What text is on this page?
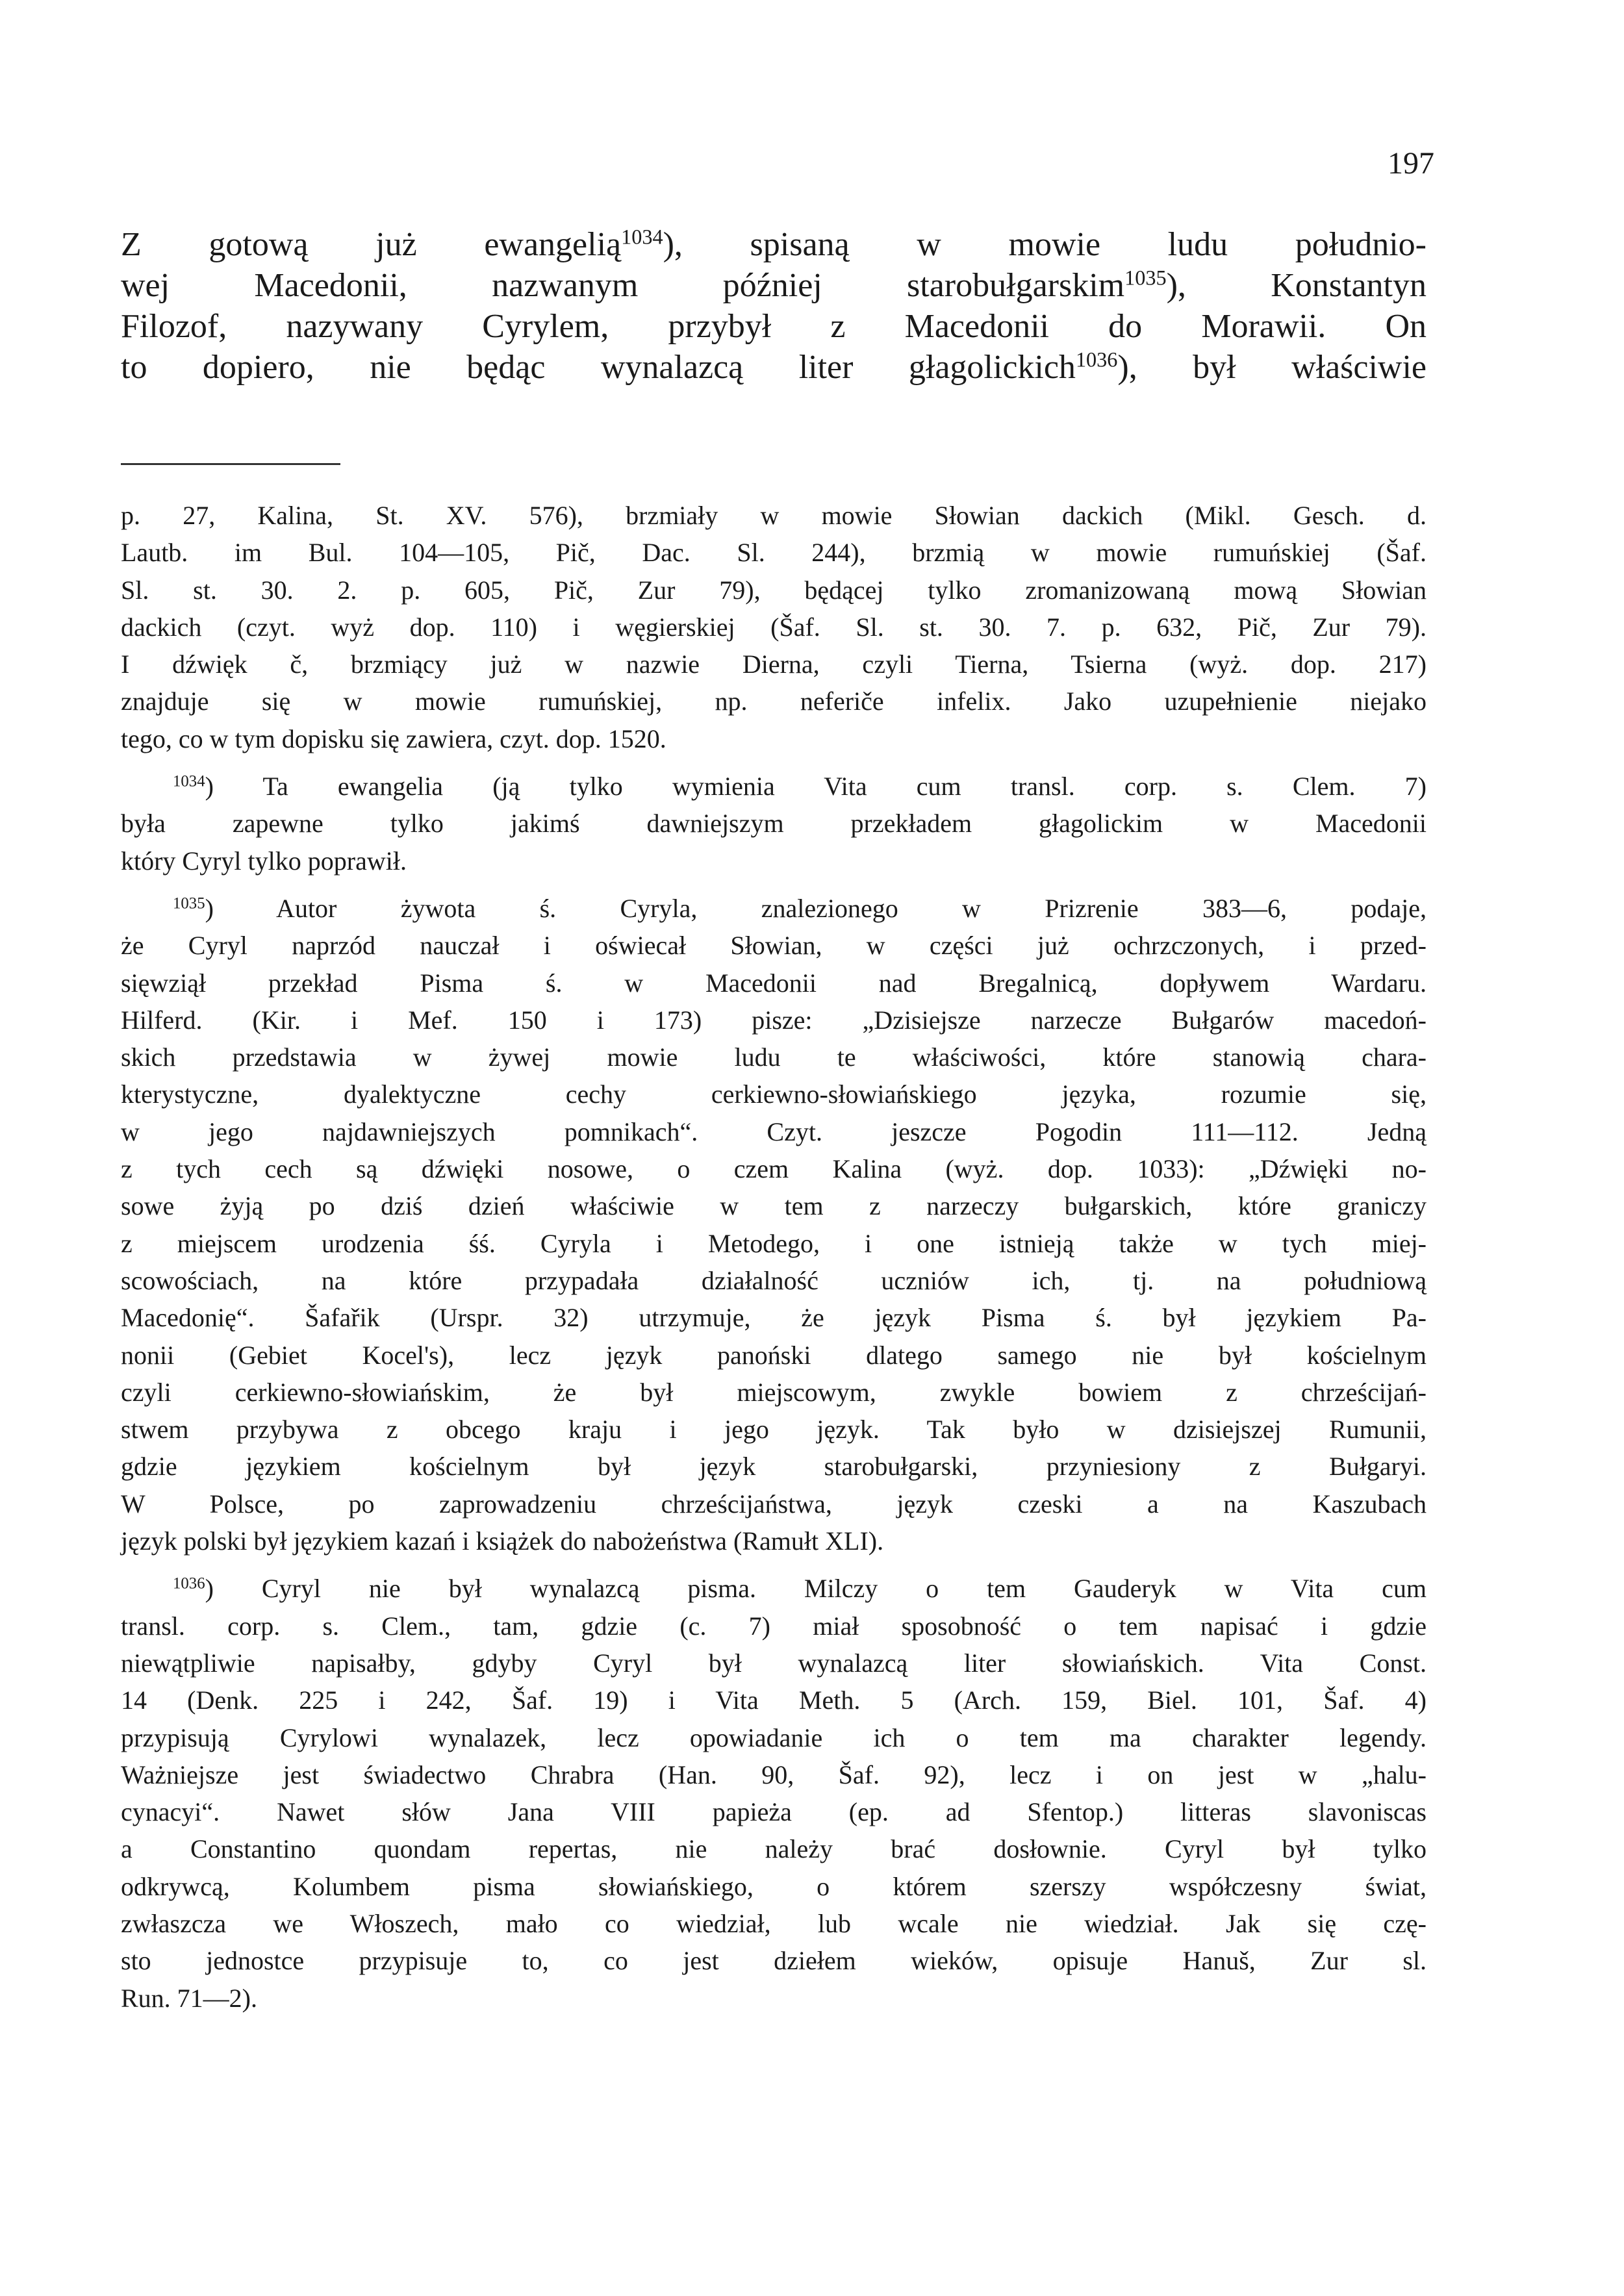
197
Z gotową już ewangelią$^{1034}$), spisaną w mowie ludu południo-
wej Macedonii, nazwanym później starobułgarskim$^{1035}$), Konstantyn
Filozof, nazywany Cyrylem, przybył z Macedonii do Morawii. On
to dopiero, nie będąc wynalazcą liter głagolickich$^{1036}$), był właściwie
p. 27, Kalina, St. XV. 576), brzmiały w mowie Słowian dackich (Mikl. Gesch. d.
Lautb. im Bul. 104—105, Pič, Dac. Sl. 244), brzmią w mowie rumuńskiej (Šaf.
Sl. st. 30. 2. p. 605, Pič, Zur 79), będącej tylko zromanizowaną mową Słowian
dackich (czyt. wyż dop. 110) i węgierskiej (Šaf. Sl. st. 30. 7. p. 632, Pič, Zur 79).
I dźwięk č, brzmiący już w nazwie Dierna, czyli Tierna, Tsierna (wyż. dop. 217)
znajduje się w mowie rumuńskiej, np. neferiče infelix. Jako uzupełnienie niejako
tego, co w tym dopisku się zawiera, czyt. dop. 1520.
  $^{1034}$) Ta ewangelia (ją tylko wymienia Vita cum transl. corp. s. Clem. 7)
była zapewne tylko jakimś dawniejszym przekładem głagolickim w Macedonii
który Cyryl tylko poprawił.
  $^{1035}$) Autor żywota ś. Cyryla, znalezionego w Prizrenie 383—6, podaje,
że Cyryl naprzód nauczał i oświecał Słowian, w części już ochrzczonych, i przed-
sięwziął przekład Pisma ś. w Macedonii nad Bregalnicą, dopływem Wardaru.
Hilferd. (Kir. i Mef. 150 i 173) pisze: „Dzisiejsze narzecze Bułgarów macedoń-
skich przedstawia w żywej mowie ludu te właściwości, które stanowią chara-
kterystyczne, dyalektyczne cechy cerkiewno-słowiańskiego języka, rozumie się,
w jego najdawniejszych pomnikach“. Czyt. jeszcze Pogodin 111—112. Jedną
z tych cech są dźwięki nosowe, o czem Kalina (wyż. dop. 1033): „Dźwięki no-
sowe żyją po dziś dzień właściwie w tem z narzeczy bułgarskich, które graniczy
z miejscem urodzenia śś. Cyryla i Metodego, i one istnieją także w tych miej-
scowościach, na które przypadała działalność uczniów ich, tj. na południową
Macedonię“. Šafařik (Urspr. 32) utrzymuje, że język Pisma ś. był językiem Pa-
nonii (Gebiet Kocel's), lecz język panoński dlatego samego nie był kościelnym
czyli cerkiewno-słowiańskim, że był miejscowym, zwykle bowiem z chrześcijań-
stwem przybywa z obcego kraju i jego język. Tak było w dzisiejszej Rumunii,
gdzie językiem kościelnym był język starobułgarski, przyniesiony z Bułgaryi.
W Polsce, po zaprowadzeniu chrześcijaństwa, język czeski a na Kaszubach
język polski był językiem kazań i książek do nabożeństwa (Ramułt XLI).
  $^{1036}$) Cyryl nie był wynalazcą pisma. Milczy o tem Gauderyk w Vita cum
transl. corp. s. Clem., tam, gdzie (c. 7) miał sposobność o tem napisać i gdzie
niewątpliwie napisałby, gdyby Cyryl był wynalazcą liter słowiańskich. Vita Const.
14 (Denk. 225 i 242, Šaf. 19) i Vita Meth. 5 (Arch. 159, Biel. 101, Šaf. 4)
przypisują Cyrylowi wynalazek, lecz opowiadanie ich o tem ma charakter legendy.
Ważniejsze jest świadectwo Chrabra (Han. 90, Šaf. 92), lecz i on jest w „halu-
cynacyi“. Nawet słów Jana VIII papieża (ep. ad Sfentop.) litteras slavoniscas
a Constantino quondam repertas, nie należy brać dosłownie. Cyryl był tylko
odkrywcą, Kolumbem pisma słowiańskiego, o którem szerszy współczesny świat,
zwłaszcza we Włoszech, mało co wiedział, lub wcale nie wiedział. Jak się czę-
sto jednostce przypisuje to, co jest dziełem wieków, opisuje Hanuš, Zur sl.
Run. 71—2).
